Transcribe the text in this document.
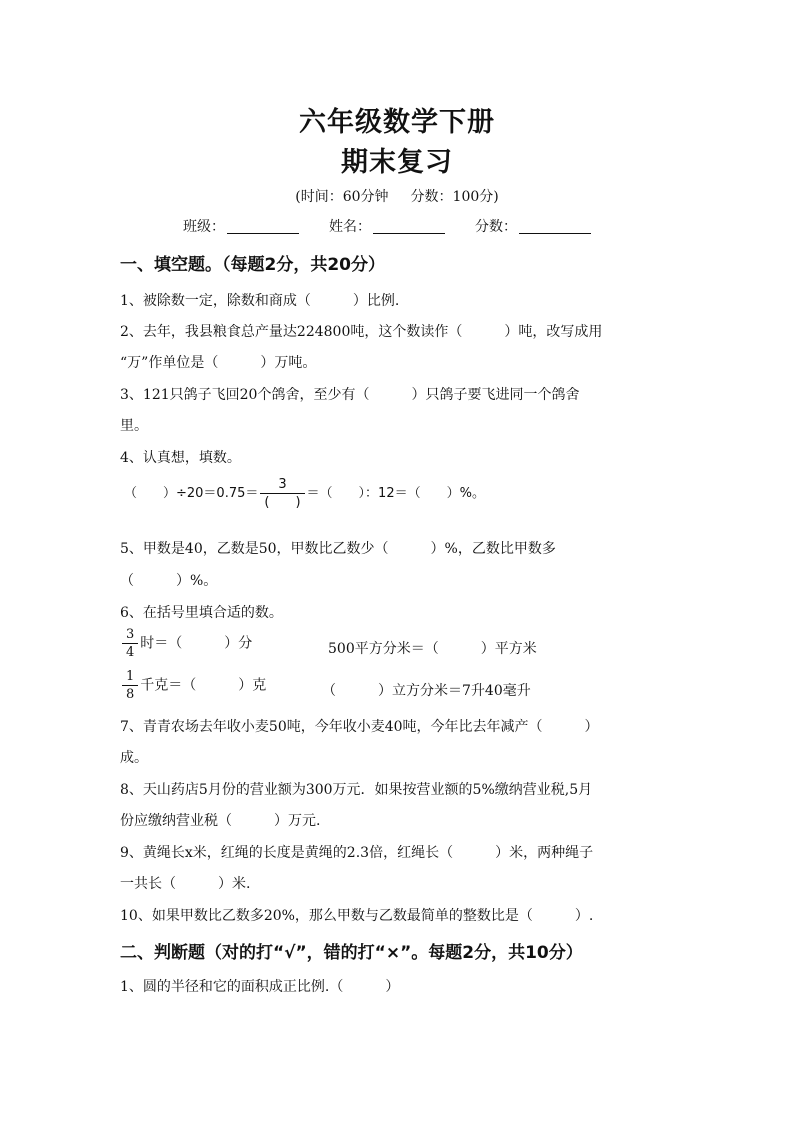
六年级数学下册
期末复习
(时间：60分钟 分数：100分)
班级：	姓名：	分数：
一、填空题。（每题2分，共20分）
1、被除数一定，除数和商成（　　　）比例.
2、去年，我县粮食总产量达224800吨，这个数读作（　　　）吨，改写成用
“万”作单位是（　　　）万吨。
3、121只鸽子飞回20个鸽舍，至少有（　　　）只鸽子要飞进同一个鸽舍
里。
4、认真想，填数。
（　　）$\div 20=0.75= \frac{3}{( )}$ ＝（　　）：12＝（　　）%。
5、甲数是40，乙数是50，甲数比乙数少（　　　）%，乙数比甲数多
（　　　）%。
6、在括号里填合适的数。
$\frac{3}{4}$ 时＝（　　　）分	500平方分米＝（　　　）平方米
$\frac{1}{8}$ 千克＝（　　　）克	（　　　）立方分米＝7升40毫升
7、青青农场去年收小麦50吨，今年收小麦40吨，今年比去年减产（　　　）
成。
8、天山药店5月份的营业额为300万元．如果按营业额的5%缴纳营业税,5月
份应缴纳营业税（　　　）万元.
9、黄绳长x米，红绳的长度是黄绳的2.3倍，红绳长（　　　）米，两种绳子
一共长（　　　）米.
10、如果甲数比乙数多20%，那么甲数与乙数最简单的整数比是（　　　）.
二、判断题（对的打“√”，错的打“×”。每题2分，共10分）
1、圆的半径和它的面积成正比例.（　　　）
